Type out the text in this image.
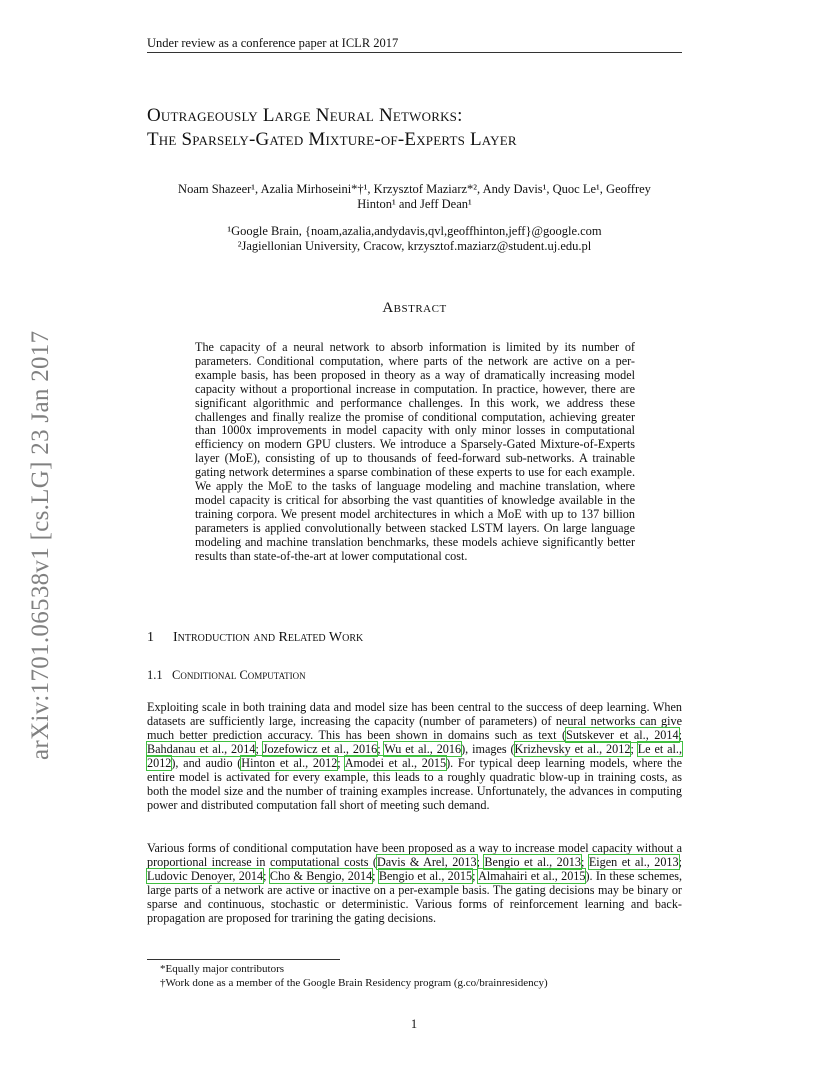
Under review as a conference paper at ICLR 2017
arXiv:1701.06538v1 [cs.LG] 23 Jan 2017
Outrageously Large Neural Networks:
The Sparsely-Gated Mixture-of-Experts Layer
Noam Shazeer¹, Azalia Mirhoseini*†¹, Krzysztof Maziarz*², Andy Davis¹, Quoc Le¹, Geoffrey
Hinton¹ and Jeff Dean¹
¹Google Brain, {noam,azalia,andydavis,qvl,geoffhinton,jeff}@google.com
²Jagiellonian University, Cracow, krzysztof.maziarz@student.uj.edu.pl
Abstract
The capacity of a neural network to absorb information is limited by its number of parameters. Conditional computation, where parts of the network are active on a per-example basis, has been proposed in theory as a way of dramatically increasing model capacity without a proportional increase in computation. In practice, however, there are significant algorithmic and performance challenges. In this work, we address these challenges and finally realize the promise of conditional computation, achieving greater than 1000x improvements in model capacity with only minor losses in computational efficiency on modern GPU clusters. We introduce a Sparsely-Gated Mixture-of-Experts layer (MoE), consisting of up to thousands of feed-forward sub-networks. A trainable gating network determines a sparse combination of these experts to use for each example. We apply the MoE to the tasks of language modeling and machine translation, where model capacity is critical for absorbing the vast quantities of knowledge available in the training corpora. We present model architectures in which a MoE with up to 137 billion parameters is applied convolutionally between stacked LSTM layers. On large language modeling and machine translation benchmarks, these models achieve significantly better results than state-of-the-art at lower computational cost.
1 Introduction and Related Work
1.1 Conditional Computation
Exploiting scale in both training data and model size has been central to the success of deep learning. When datasets are sufficiently large, increasing the capacity (number of parameters) of neural networks can give much better prediction accuracy. This has been shown in domains such as text (Sutskever et al., 2014; Bahdanau et al., 2014; Jozefowicz et al., 2016; Wu et al., 2016), images (Krizhevsky et al., 2012; Le et al., 2012), and audio (Hinton et al., 2012; Amodei et al., 2015). For typical deep learning models, where the entire model is activated for every example, this leads to a roughly quadratic blow-up in training costs, as both the model size and the number of training examples increase. Unfortunately, the advances in computing power and distributed computation fall short of meeting such demand.
Various forms of conditional computation have been proposed as a way to increase model capacity without a proportional increase in computational costs (Davis & Arel, 2013; Bengio et al., 2013; Eigen et al., 2013; Ludovic Denoyer, 2014; Cho & Bengio, 2014; Bengio et al., 2015; Almahairi et al., 2015). In these schemes, large parts of a network are active or inactive on a per-example basis. The gating decisions may be binary or sparse and continuous, stochastic or deterministic. Various forms of reinforcement learning and back-propagation are proposed for trarining the gating decisions.
*Equally major contributors
†Work done as a member of the Google Brain Residency program (g.co/brainresidency)
1
